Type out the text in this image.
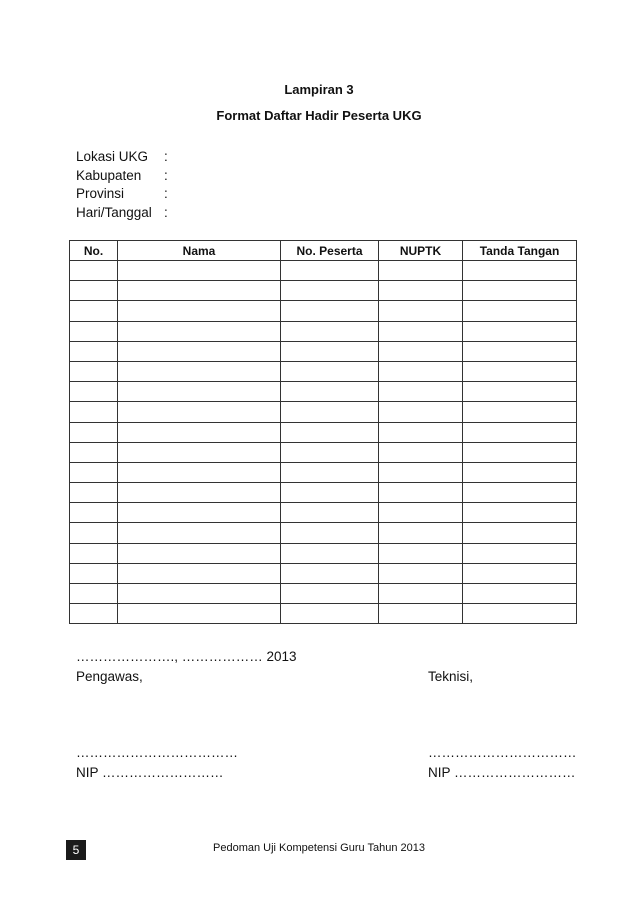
Lampiran 3
Format Daftar Hadir Peserta UKG
Lokasi UKG	:
Kabupaten	:
Provinsi	:
Hari/Tanggal :
No.	Nama	No. Peserta	NUPTK	Tanda Tangan

…………………., ……………… 2013
Pengawas,	Teknisi,
………………………………	……………………………
NIP ………………………	NIP ………………………
5	Pedoman Uji Kompetensi Guru Tahun 2013
